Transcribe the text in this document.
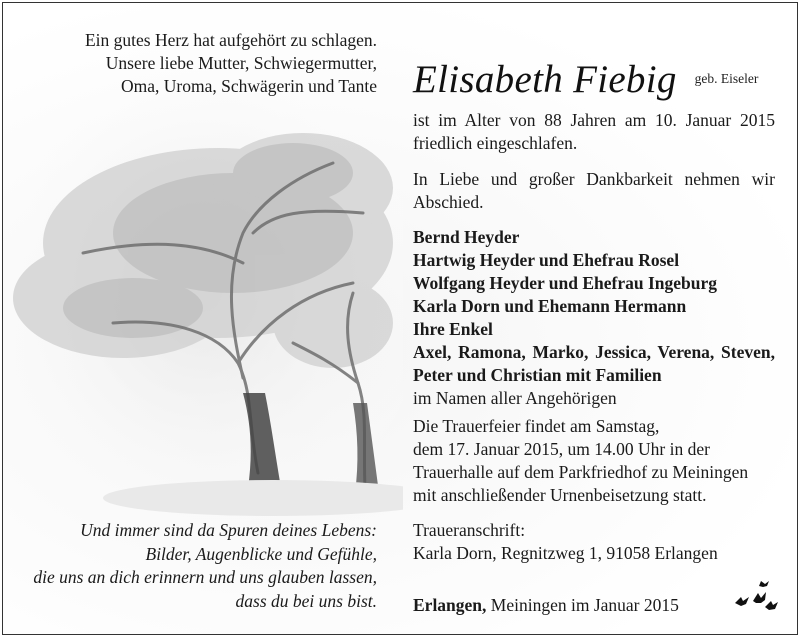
Ein gutes Herz hat aufgehört zu schlagen.
Unsere liebe Mutter, Schwiegermutter,
Oma, Uroma, Schwägerin und Tante Elisabeth Fiebig $^{geb. Eiseler}$
ist im Alter von 88 Jahren am 10. Januar 2015 friedlich eingeschlafen.
In Liebe und großer Dankbarkeit nehmen wir Abschied.
Bernd Heyder
Hartwig Heyder und Ehefrau Rosel
Wolfgang Heyder und Ehefrau Ingeburg
Karla Dorn und Ehemann Hermann
Ihre Enkel
Axel, Ramona, Marko, Jessica, Verena, Steven,
Peter und Christian mit Familien
im Namen aller Angehörigen
Die Trauerfeier findet am Samstag,
dem 17. Januar 2015, um 14.00 Uhr in der
Trauerhalle auf dem Parkfriedhof zu Meiningen
mit anschließender Urnenbeisetzung statt.
Traueranschrift:
Karla Dorn, Regnitzweg 1, 91058 Erlangen
Erlangen, Meiningen im Januar 2015
Und immer sind da Spuren deines Lebens:
Bilder, Augenblicke und Gefühle,
die uns an dich erinnern und uns glauben lassen,
dass du bei uns bist.
